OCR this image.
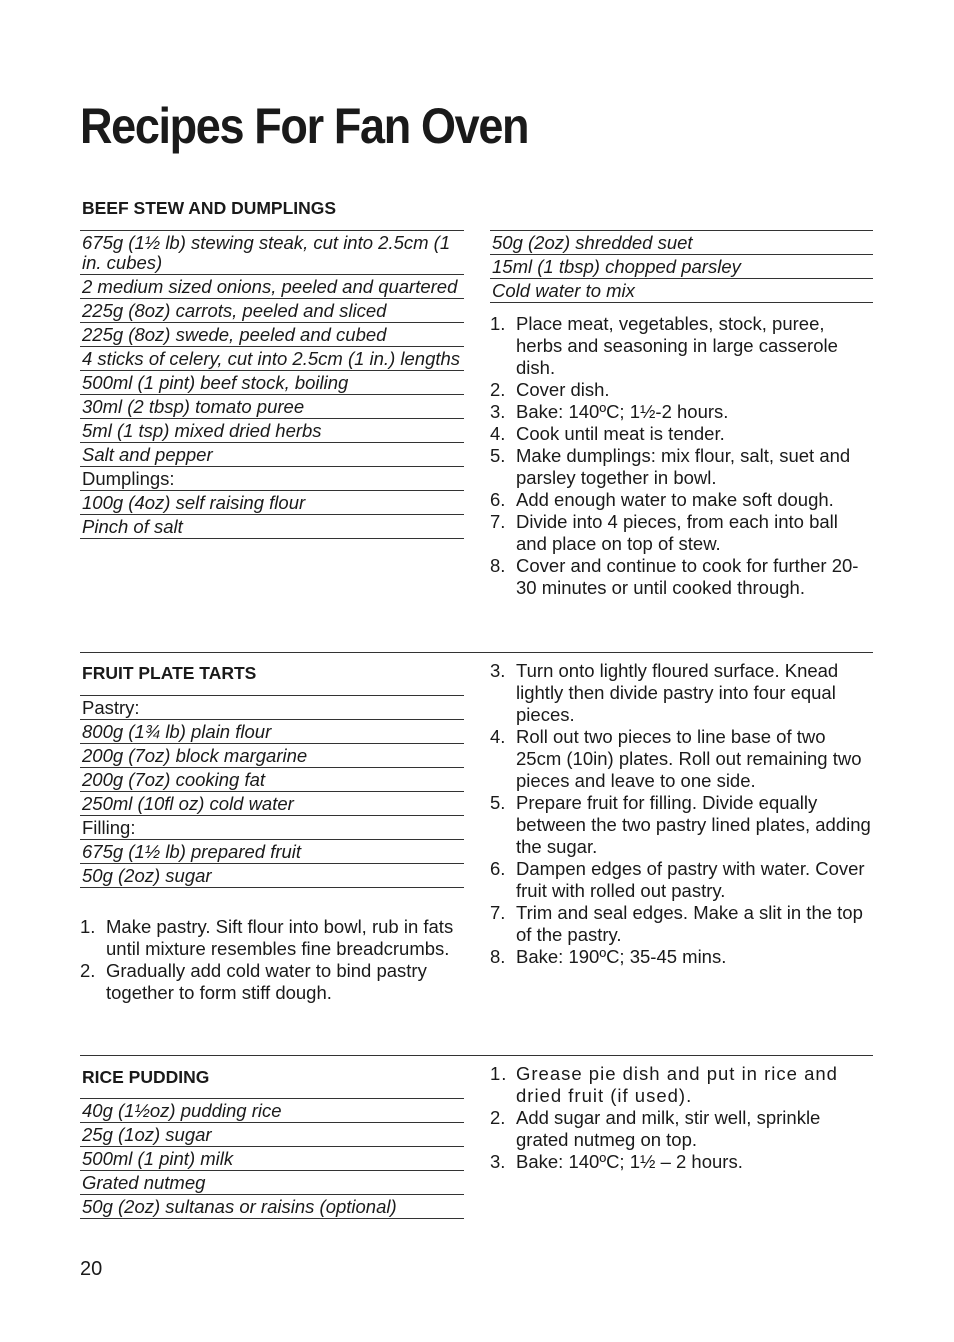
Recipes For Fan Oven
BEEF STEW AND DUMPLINGS
675g (1½ lb) stewing steak, cut into 2.5cm (1 in. cubes)
2 medium sized onions, peeled and quartered
225g (8oz) carrots, peeled and sliced
225g (8oz) swede, peeled and cubed
4 sticks of celery, cut into 2.5cm (1 in.) lengths
500ml (1 pint) beef stock, boiling
30ml (2 tbsp) tomato puree
5ml (1 tsp) mixed dried herbs
Salt and pepper
Dumplings:
100g (4oz) self raising flour
Pinch of salt
50g (2oz) shredded suet
15ml (1 tbsp) chopped parsley
Cold water to mix
1. Place meat, vegetables, stock, puree, herbs and seasoning in large casserole dish.
2. Cover dish.
3. Bake: 140ºC; 1½-2 hours.
4. Cook until meat is tender.
5. Make dumplings: mix flour, salt, suet and parsley together in bowl.
6. Add enough water to make soft dough.
7. Divide into 4 pieces, from each into ball and place on top of stew.
8. Cover and continue to cook for further 20-30 minutes or until cooked through.
FRUIT PLATE TARTS
Pastry:
800g (1¾ lb) plain flour
200g (7oz) block margarine
200g (7oz) cooking fat
250ml (10fl oz) cold water
Filling:
675g (1½ lb) prepared fruit
50g (2oz) sugar
1. Make pastry. Sift flour into bowl, rub in fats until mixture resembles fine breadcrumbs.
2. Gradually add cold water to bind pastry together to form stiff dough.
3. Turn onto lightly floured surface. Knead lightly then divide pastry into four equal pieces.
4. Roll out two pieces to line base of two 25cm (10in) plates. Roll out remaining two pieces and leave to one side.
5. Prepare fruit for filling. Divide equally between the two pastry lined plates, adding the sugar.
6. Dampen edges of pastry with water. Cover fruit with rolled out pastry.
7. Trim and seal edges. Make a slit in the top of the pastry.
8. Bake: 190ºC; 35-45 mins.
RICE PUDDING
40g (1½oz) pudding rice
25g (1oz) sugar
500ml (1 pint) milk
Grated nutmeg
50g (2oz) sultanas or raisins (optional)
1. Grease pie dish and put in rice and dried fruit (if used).
2. Add sugar and milk, stir well, sprinkle grated nutmeg on top.
3. Bake: 140ºC; 1½ – 2 hours.

20
